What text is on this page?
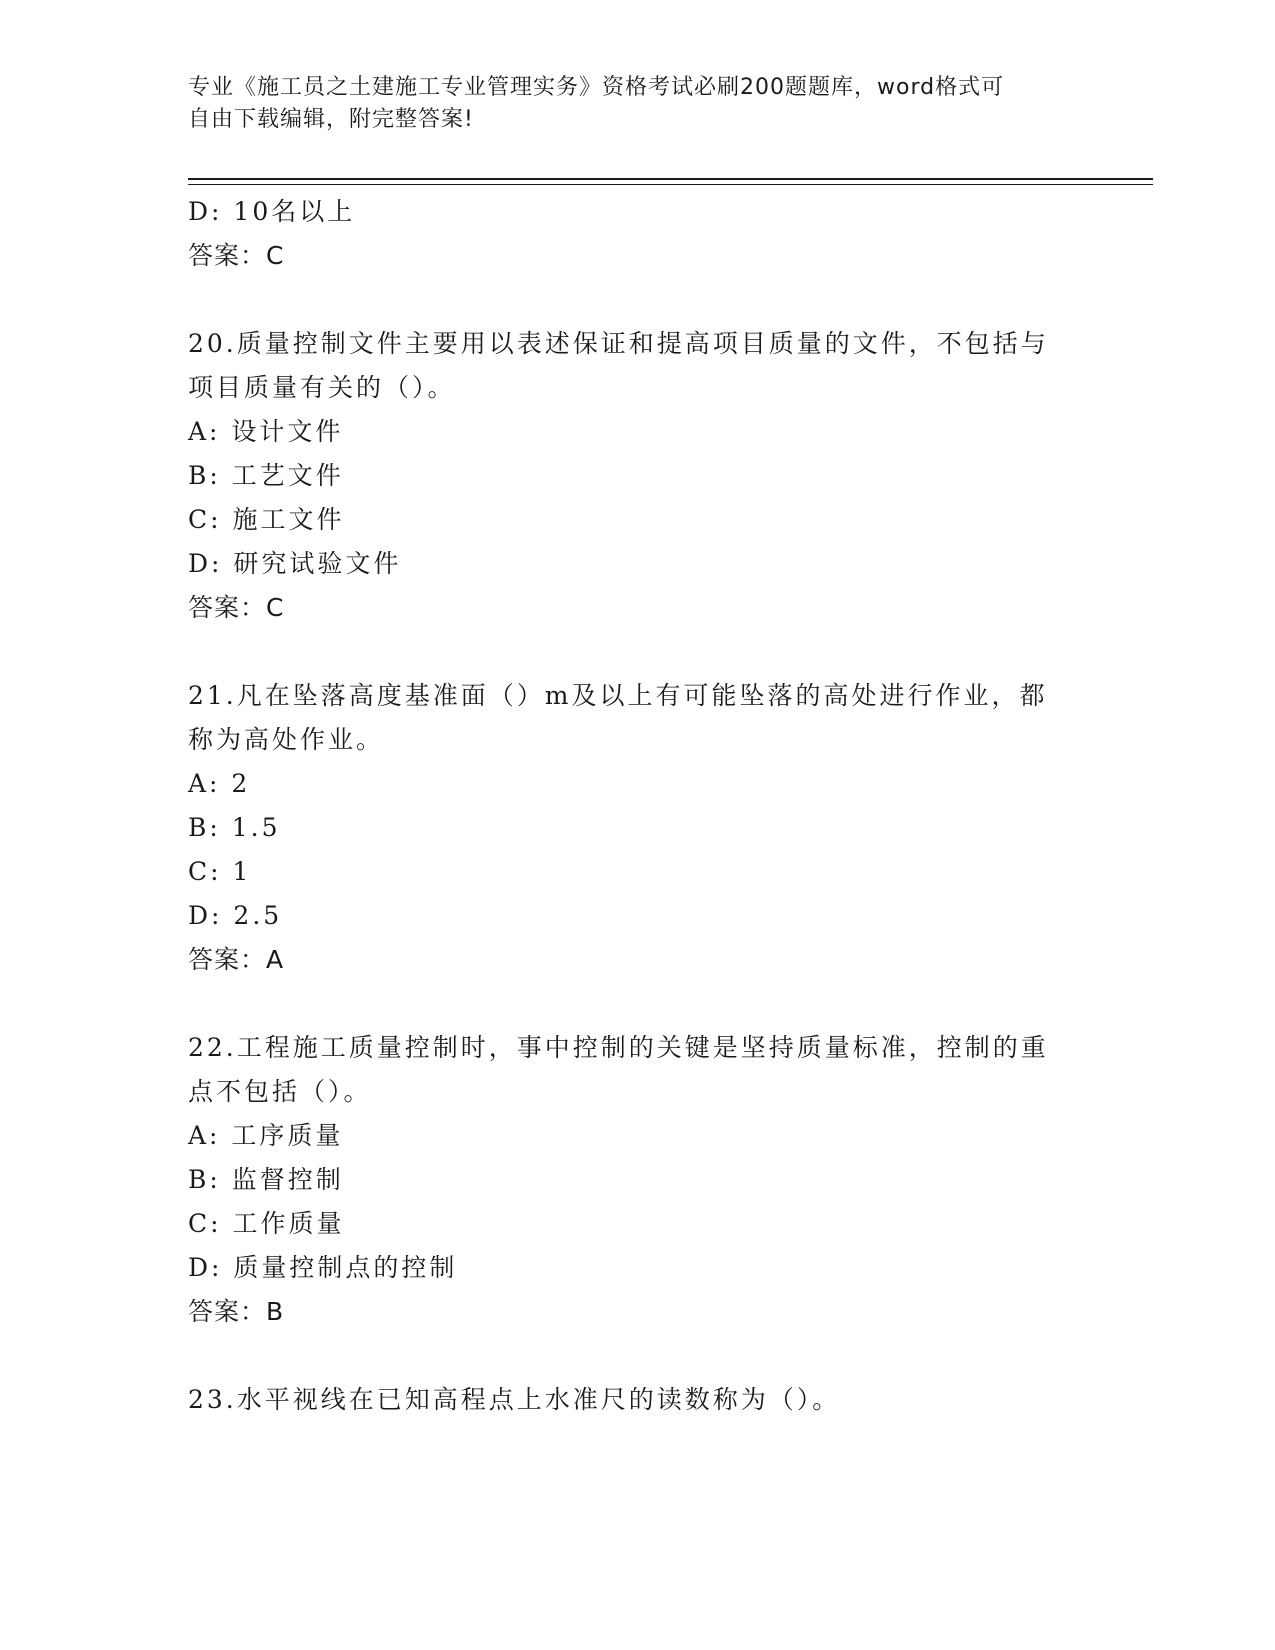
专业《施工员之土建施工专业管理实务》资格考试必刷200题题库，word格式可
自由下载编辑，附完整答案!
D: 10名以上
答案：C
20.质量控制文件主要用以表述保证和提高项目质量的文件，不包括与
项目质量有关的（）。
A: 设计文件
B: 工艺文件
C: 施工文件
D: 研究试验文件
答案：C
21.凡在坠落高度基准面（）m及以上有可能坠落的高处进行作业，都
称为高处作业。
A: 2
B: 1.5
C: 1
D: 2.5
答案：A
22.工程施工质量控制时，事中控制的关键是坚持质量标准，控制的重
点不包括（）。
A: 工序质量
B: 监督控制
C: 工作质量
D: 质量控制点的控制
答案：B
23.水平视线在已知高程点上水准尺的读数称为（）。
